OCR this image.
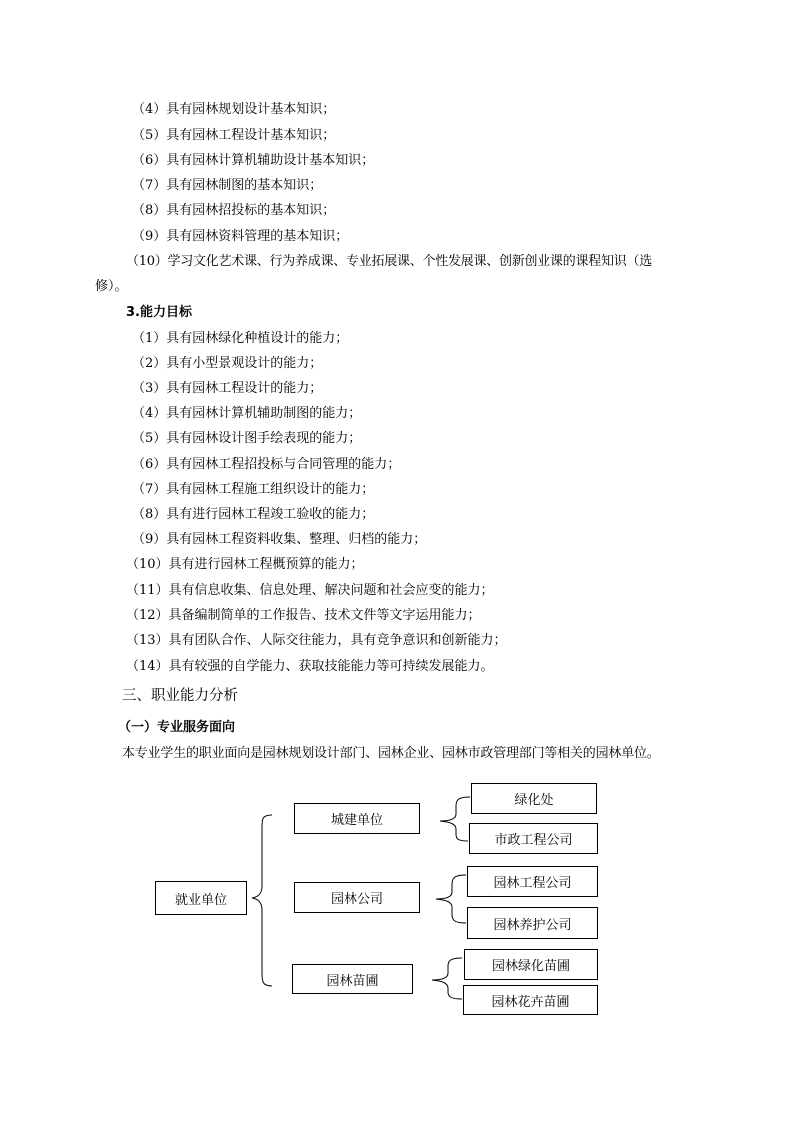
（4）具有园林规划设计基本知识；
（5）具有园林工程设计基本知识；
（6）具有园林计算机辅助设计基本知识；
（7）具有园林制图的基本知识；
（8）具有园林招投标的基本知识；
（9）具有园林资料管理的基本知识；
（10）学习文化艺术课、行为养成课、专业拓展课、个性发展课、创新创业课的课程知识（选
修）。
3.能力目标
（1）具有园林绿化种植设计的能力；
（2）具有小型景观设计的能力；
（3）具有园林工程设计的能力；
（4）具有园林计算机辅助制图的能力；
（5）具有园林设计图手绘表现的能力；
（6）具有园林工程招投标与合同管理的能力；
（7）具有园林工程施工组织设计的能力；
（8）具有进行园林工程竣工验收的能力；
（9）具有园林工程资料收集、整理、归档的能力；
（10）具有进行园林工程概预算的能力；
（11）具有信息收集、信息处理、解决问题和社会应变的能力；
（12）具备编制简单的工作报告、技术文件等文字运用能力；
（13）具有团队合作、人际交往能力，具有竞争意识和创新能力；
（14）具有较强的自学能力、获取技能能力等可持续发展能力。
三、职业能力分析
（一）专业服务面向
本专业学生的职业面向是园林规划设计部门、园林企业、园林市政管理部门等相关的园林单位。
就业单位
城建单位
园林公司
园林苗圃
绿化处
市政工程公司
园林工程公司
园林养护公司
园林绿化苗圃
园林花卉苗圃
